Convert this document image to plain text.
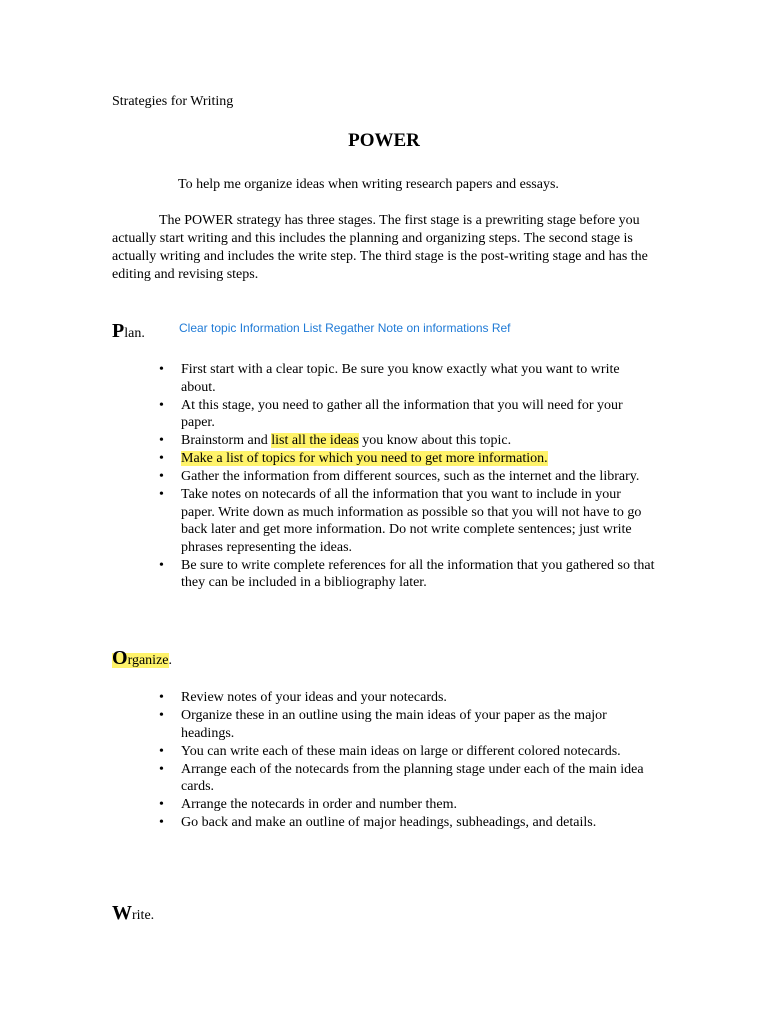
Strategies for Writing
POWER
To help me organize ideas when writing research papers and essays.

The POWER strategy has three stages. The first stage is a prewriting stage before you actually start writing and this includes the planning and organizing steps. The second stage is actually writing and includes the write step. The third stage is the post-writing stage and has the editing and revising steps.

Plan.	Clear topic Information List Regather Note on informations Ref
• First start with a clear topic. Be sure you know exactly what you want to write about.
• At this stage, you need to gather all the information that you will need for your paper.
• Brainstorm and list all the ideas you know about this topic.
• Make a list of topics for which you need to get more information.
• Gather the information from different sources, such as the internet and the library.
• Take notes on notecards of all the information that you want to include in your paper. Write down as much information as possible so that you will not have to go back later and get more information. Do not write complete sentences; just write phrases representing the ideas.
• Be sure to write complete references for all the information that you gathered so that they can be included in a bibliography later.
Organize.
• Review notes of your ideas and your notecards.
• Organize these in an outline using the main ideas of your paper as the major headings.
• You can write each of these main ideas on large or different colored notecards.
• Arrange each of the notecards from the planning stage under each of the main idea cards.
• Arrange the notecards in order and number them.
• Go back and make an outline of major headings, subheadings, and details.
Write.
